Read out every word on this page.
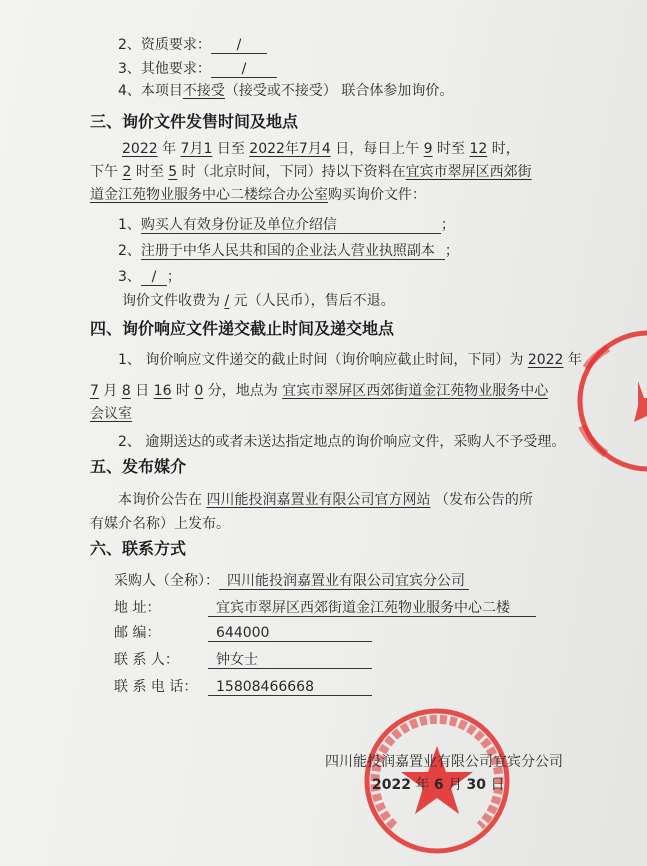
2、资质要求： /
3、其他要求： /
4、本项目不接受（接受或不接受） 联合体参加询价。
三、询价文件发售时间及地点
2022 年 7月1 日至 2022年7月4 日，每日上午 9 时至 12 时，
下午 2 时至 5 时（北京时间，下同）持以下资料在宜宾市翠屏区西郊街
道金江苑物业服务中心二楼综合办公室购买询价文件：
1、购买人有效身份证及单位介绍信	；
2、注册于中华人民共和国的企业法人营业执照副本 ；
3、 / ；
询价文件收费为 / 元（人民币），售后不退。
四、询价响应文件递交截止时间及递交地点
1、 询价响应文件递交的截止时间（询价响应截止时间，下同）为 2022 年
7 月 8 日 16 时 0 分，地点为 宜宾市翠屏区西郊街道金江苑物业服务中心
会议室
2、 逾期送达的或者未送达指定地点的询价响应文件，采购人不予受理。
五、发布媒介
本询价公告在 四川能投润嘉置业有限公司官方网站 （发布公告的所
有媒介名称）上发布。
六、联系方式
采购人（全称）： 四川能投润嘉置业有限公司宜宾分公司
地 址：	宜宾市翠屏区西郊街道金江苑物业服务中心二楼
邮 编：	644000
联 系 人：	钟女士
联 系 电 话： 15808466668
四川能投润嘉置业有限公司宜宾分公司
2022 年 6 月 30 日
